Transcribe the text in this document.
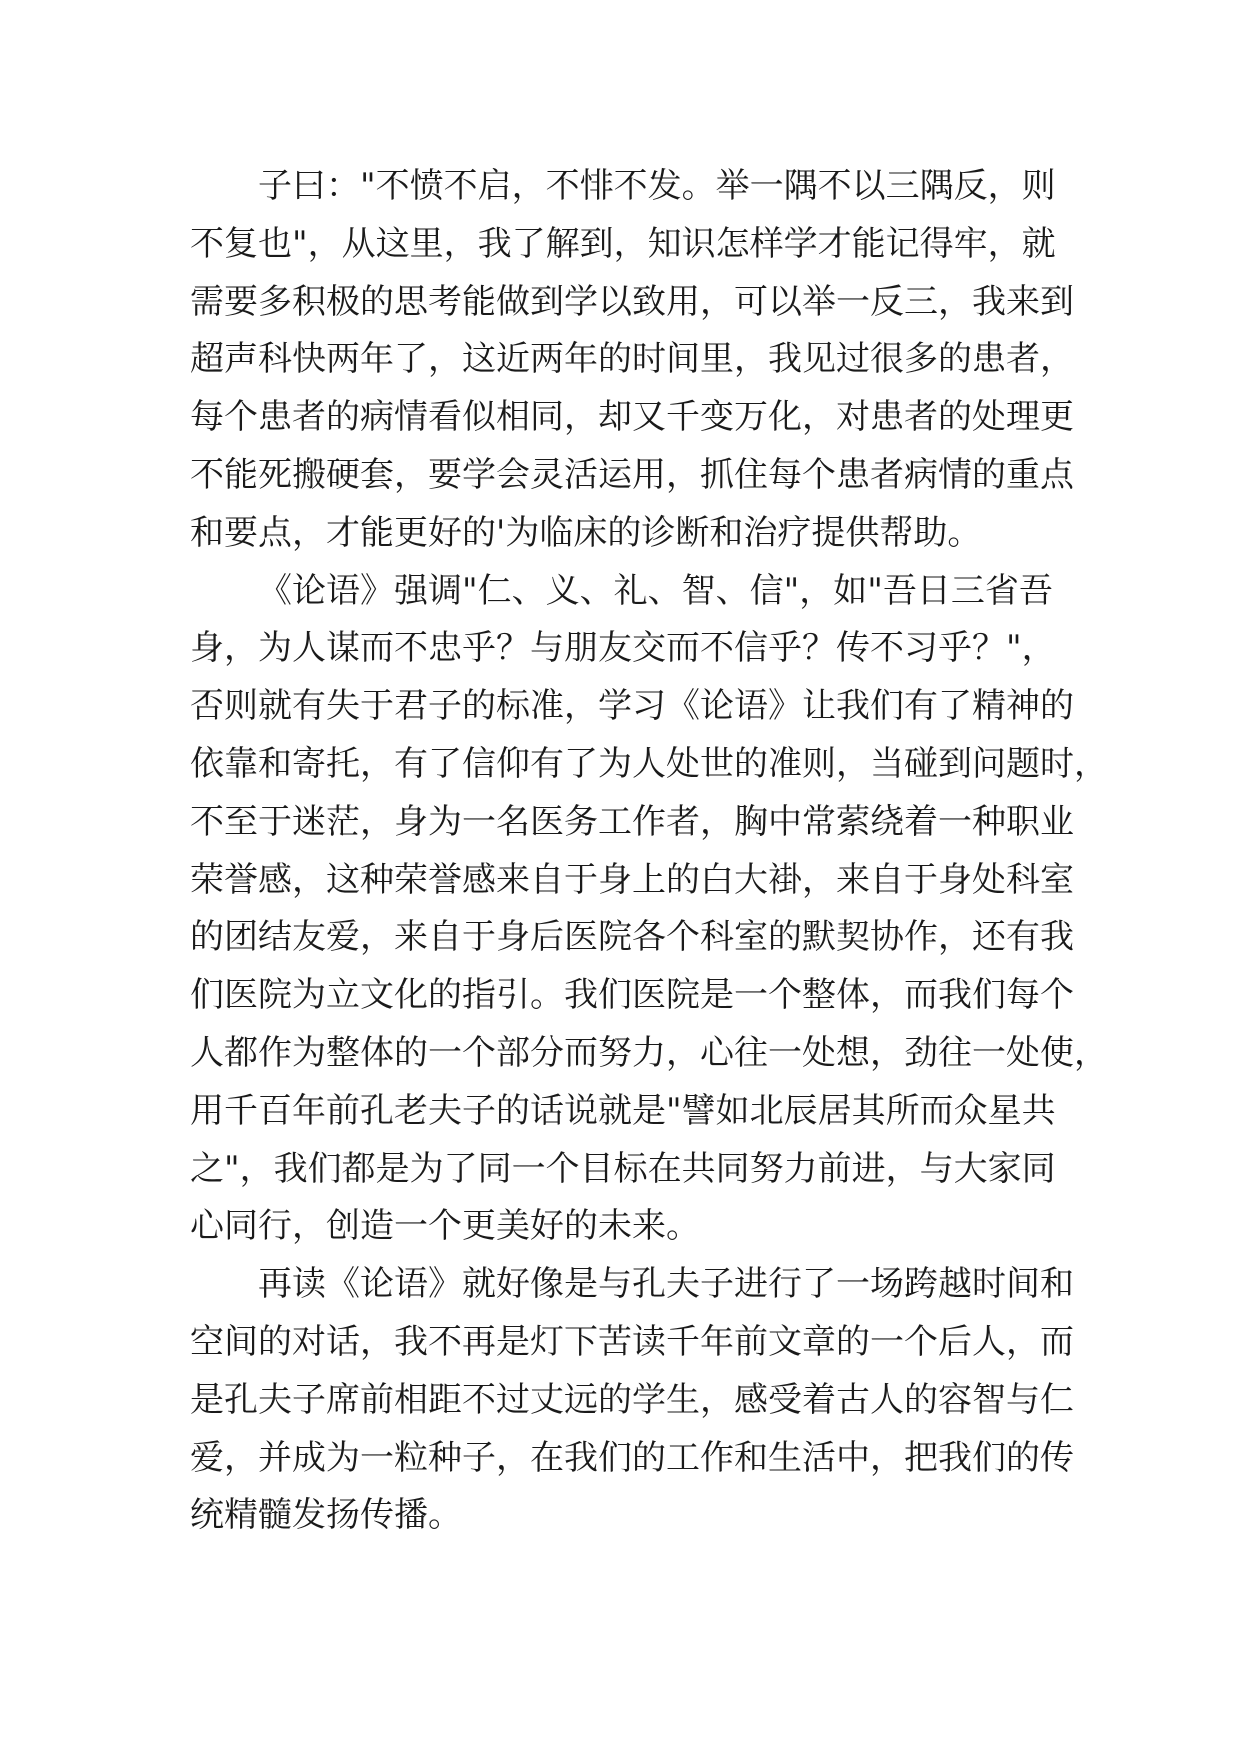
子曰："不愤不启，不悱不发。举一隅不以三隅反，则
不复也"，从这里，我了解到，知识怎样学才能记得牢，就
需要多积极的思考能做到学以致用，可以举一反三，我来到
超声科快两年了，这近两年的时间里，我见过很多的患者，
每个患者的病情看似相同，却又千变万化，对患者的处理更
不能死搬硬套，要学会灵活运用，抓住每个患者病情的重点
和要点，才能更好的'为临床的诊断和治疗提供帮助。
《论语》强调"仁、义、礼、智、信"，如"吾日三省吾
身，为人谋而不忠乎？与朋友交而不信乎？传不习乎？"，
否则就有失于君子的标准，学习《论语》让我们有了精神的
依靠和寄托，有了信仰有了为人处世的准则，当碰到问题时，
不至于迷茫，身为一名医务工作者，胸中常萦绕着一种职业
荣誉感，这种荣誉感来自于身上的白大褂，来自于身处科室
的团结友爱，来自于身后医院各个科室的默契协作，还有我
们医院为立文化的指引。我们医院是一个整体，而我们每个
人都作为整体的一个部分而努力，心往一处想，劲往一处使，
用千百年前孔老夫子的话说就是"譬如北辰居其所而众星共
之"，我们都是为了同一个目标在共同努力前进，与大家同
心同行，创造一个更美好的未来。
再读《论语》就好像是与孔夫子进行了一场跨越时间和
空间的对话，我不再是灯下苦读千年前文章的一个后人，而
是孔夫子席前相距不过丈远的学生，感受着古人的容智与仁
爱，并成为一粒种子，在我们的工作和生活中，把我们的传
统精髓发扬传播。
